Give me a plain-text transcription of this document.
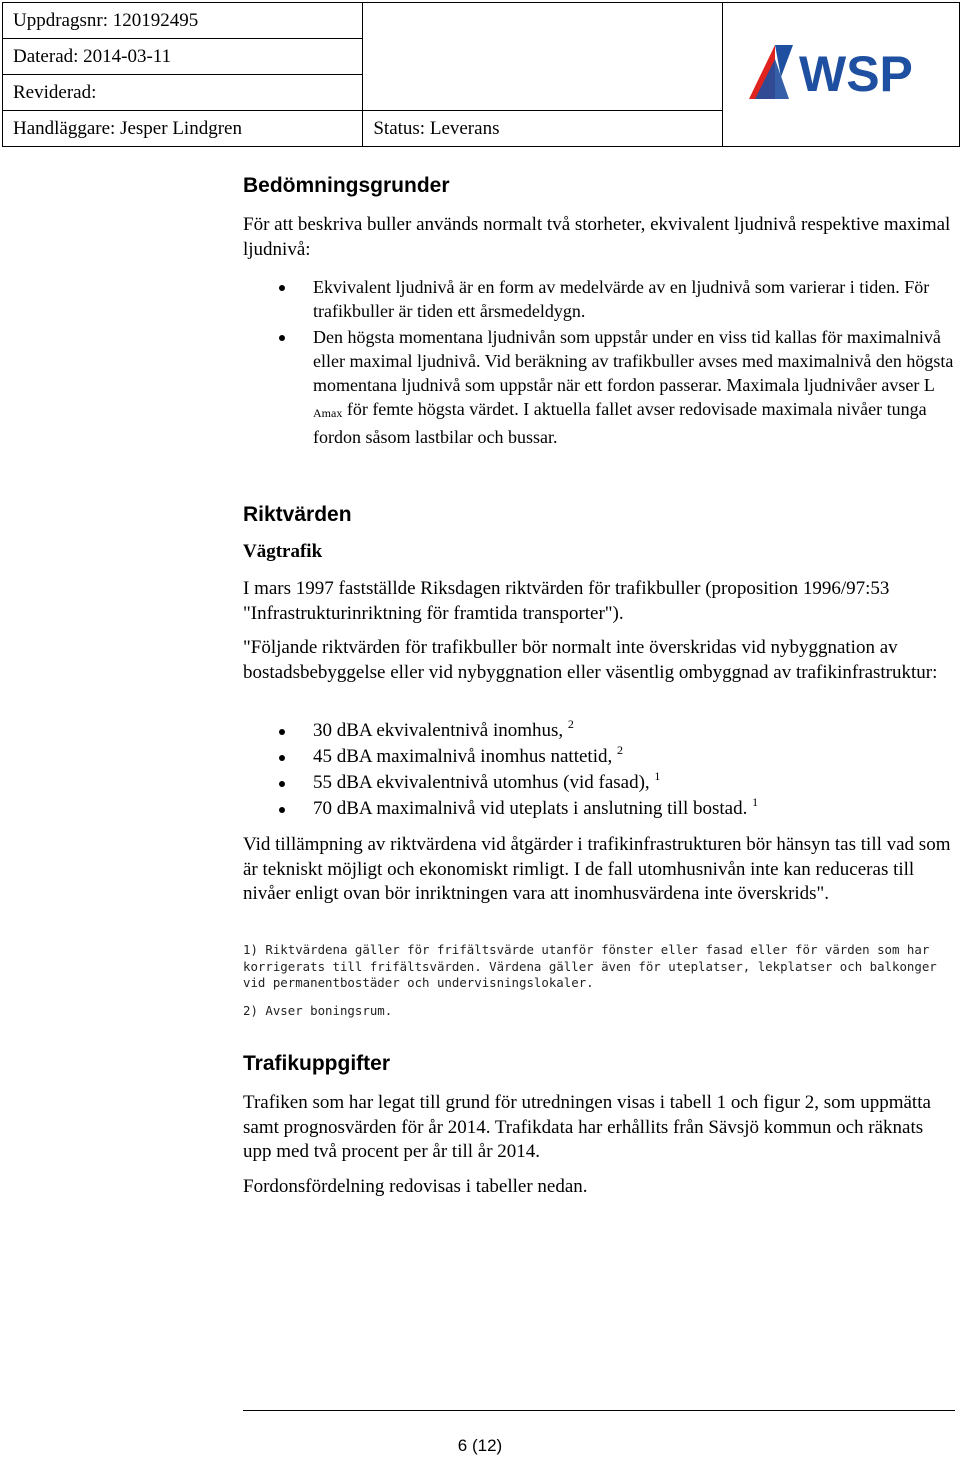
Uppdragsnr: 120192495		WSP

Daterad: 2014-03-11		
Reviderad:		
Handläggare: Jesper Lindgren	Status: Leverans	
Bedömningsgrunder

För att beskriva buller används normalt två storheter, ekvivalent ljudnivå respektive maximal ljudnivå:

Ekvivalent ljudnivå är en form av medelvärde av en ljudnivå som varierar i tiden. För trafikbuller är tiden ett årsmedeldygn.
Den högsta momentana ljudnivån som uppstår under en viss tid kallas för maximalnivå eller maximal ljudnivå. Vid beräkning av trafikbuller avses med maximalnivå den högsta momentana ljudnivå som uppstår när ett fordon passerar. Maximala ljudnivåer avser L $_{Amax}$ för femte högsta värdet. I aktuella fallet avser redovisade maximala nivåer tunga fordon såsom lastbilar och bussar.
Riktvärden
Vägtrafik

I mars 1997 fastställde Riksdagen riktvärden för trafikbuller (proposition 1996/97:53 "Infrastrukturinriktning för framtida transporter").

"Följande riktvärden för trafikbuller bör normalt inte överskridas vid nybyggnation av bostadsbebyggelse eller vid nybyggnation eller väsentlig ombyggnad av trafikinfrastruktur:

30 dBA ekvivalentnivå inomhus, $^2$
45 dBA maximalnivå inomhus nattetid, $^2$
55 dBA ekvivalentnivå utomhus (vid fasad), $^1$
70 dBA maximalnivå vid uteplats i anslutning till bostad. $^1$

Vid tillämpning av riktvärdena vid åtgärder i trafikinfrastrukturen bör hänsyn tas till vad som är tekniskt möjligt och ekonomiskt rimligt. I de fall utomhusnivån inte kan reduceras till nivåer enligt ovan bör inriktningen vara att inomhusvärdena inte överskrids".

1) Riktvärdena gäller för frifältsvärde utanför fönster eller fasad eller för värden som har korrigerats till frifältsvärden. Värdena gäller även för uteplatser, lekplatser och balkonger vid permanentbostäder och undervisningslokaler.

2) Avser boningsrum.

Trafikuppgifter

Trafiken som har legat till grund för utredningen visas i tabell 1 och figur 2, som uppmätta samt prognosvärden för år 2014. Trafikdata har erhållits från Sävsjö kommun och räknats upp med två procent per år till år 2014.

Fordonsfördelning redovisas i tabeller nedan.

6 (12)
